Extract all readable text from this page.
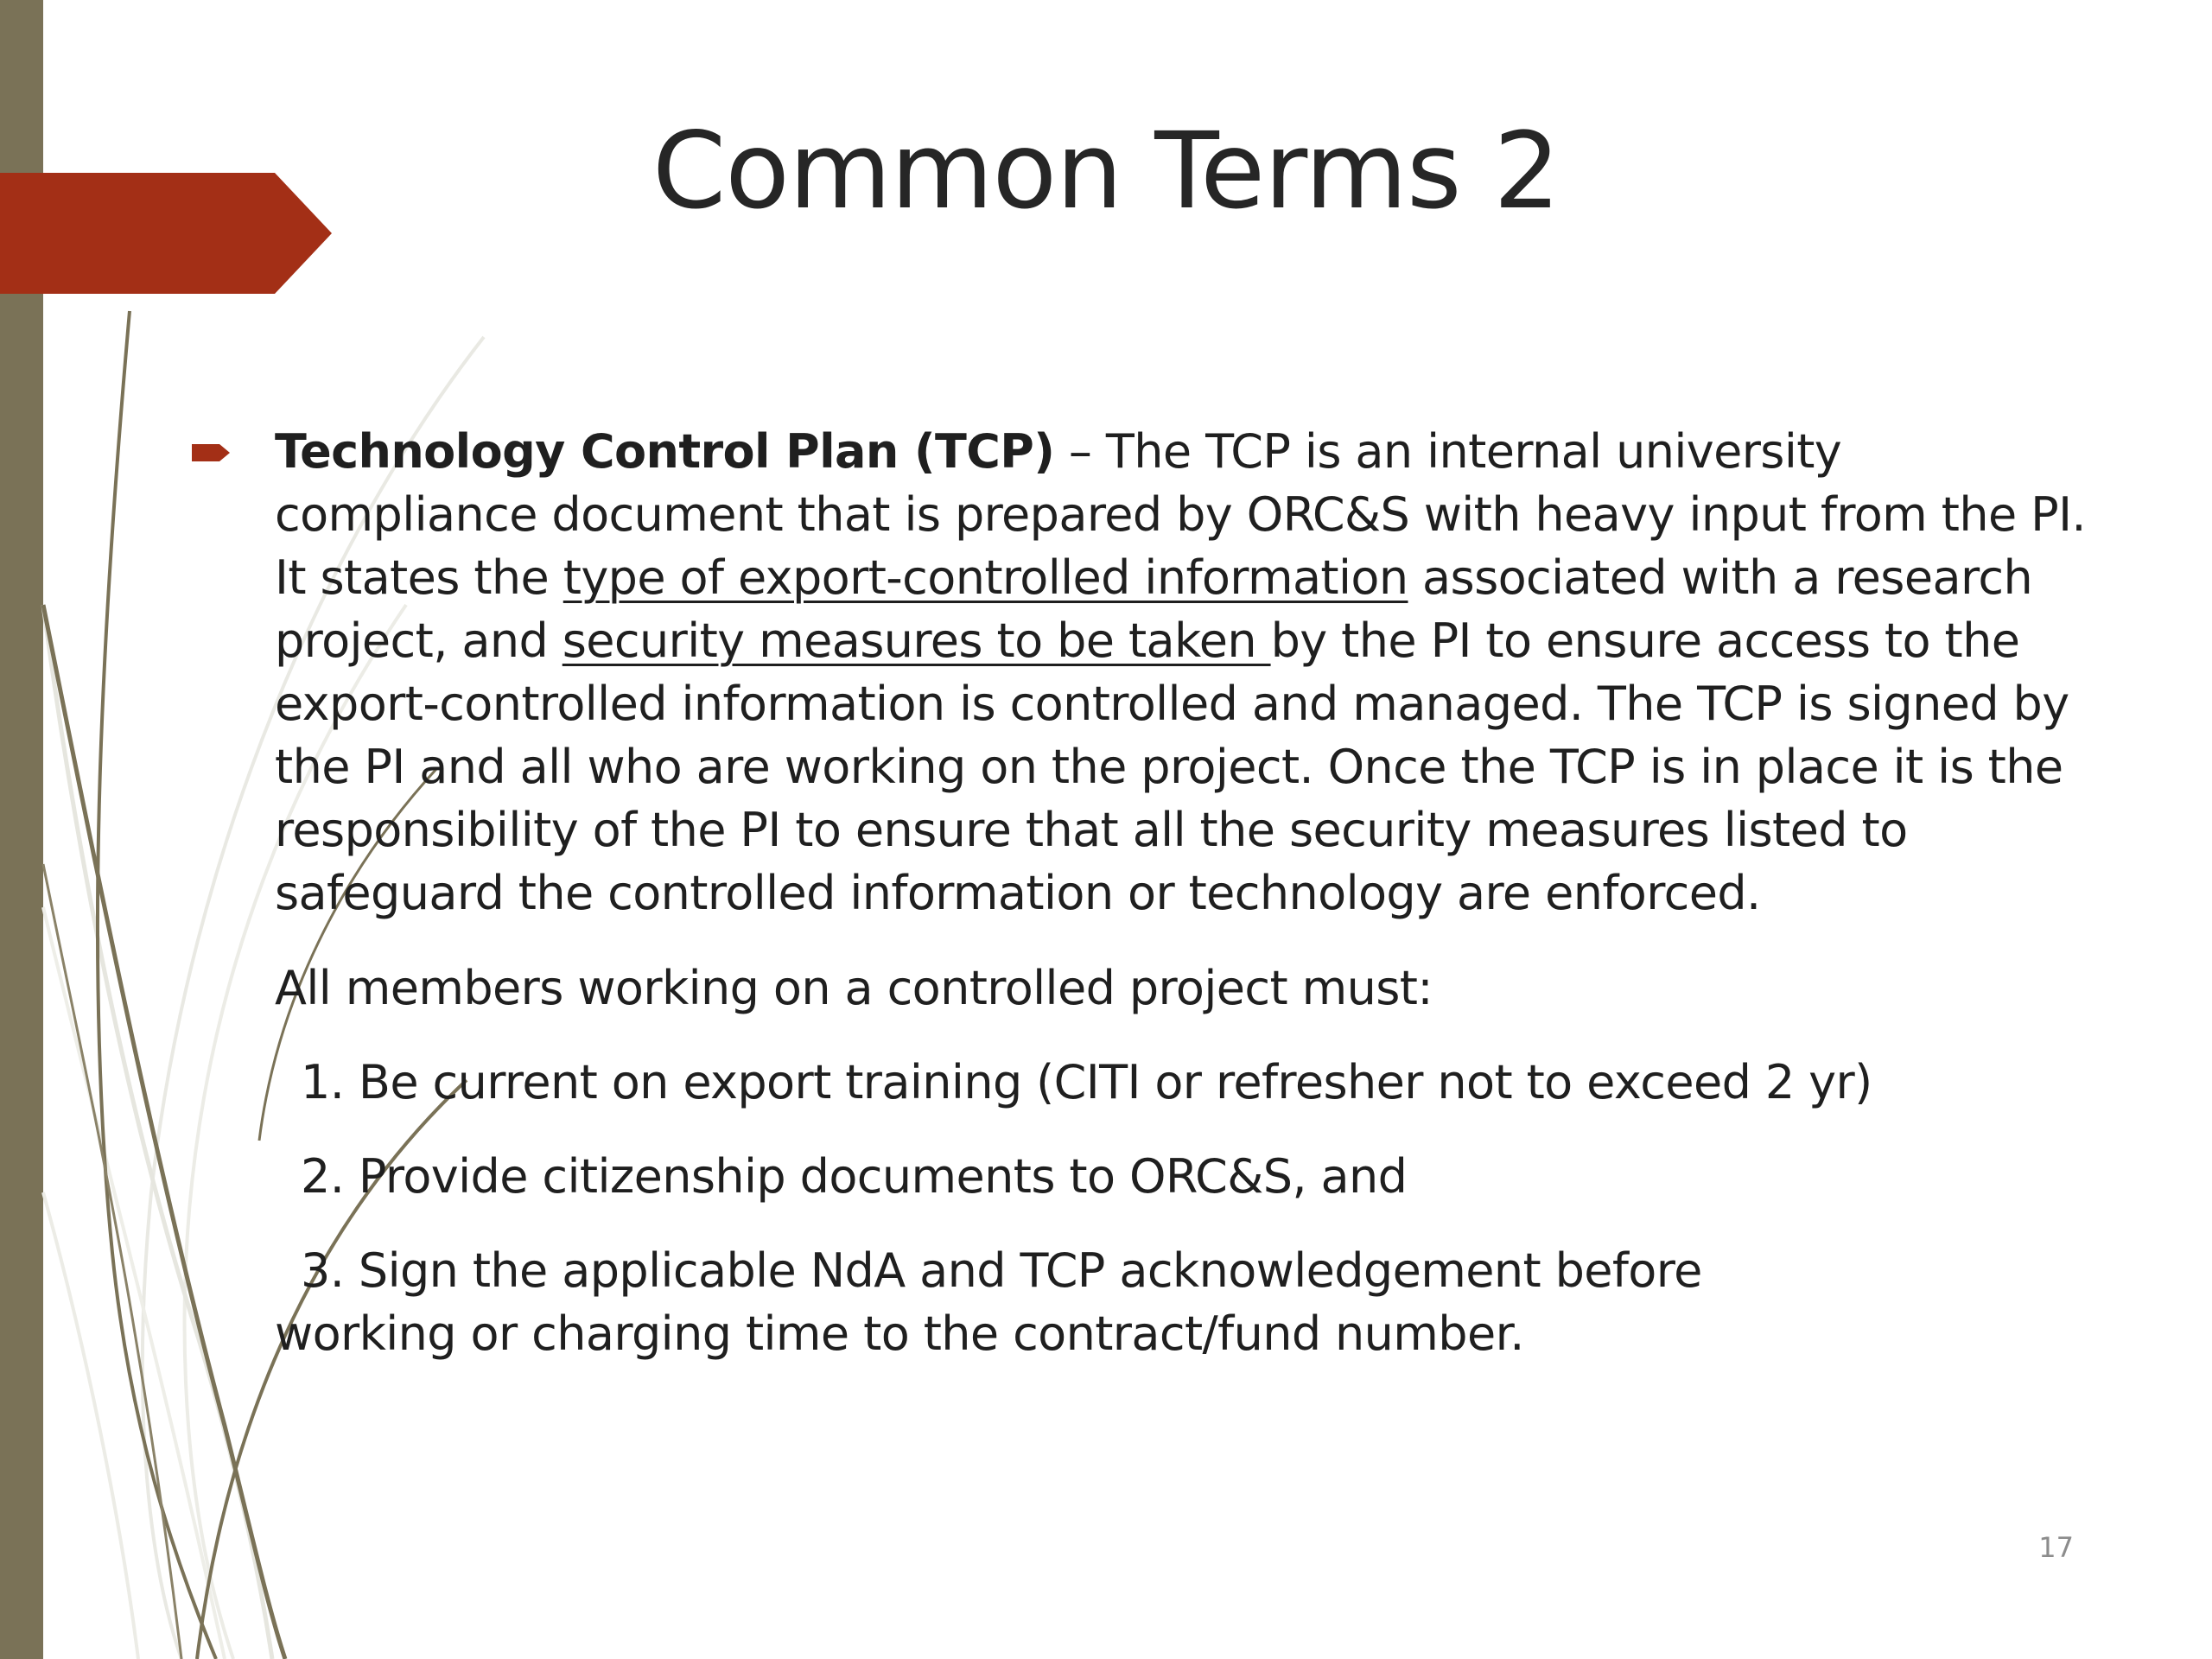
Common Terms 2

Technology Control Plan (TCP) – The TCP is an internal university compliance document that is prepared by ORC&S with heavy input from the PI. It states the type of export-controlled information associated with a research project, and security measures to be taken by the PI to ensure access to the export-controlled information is controlled and managed. The TCP is signed by the PI and all who are working on the project. Once the TCP is in place it is the responsibility of the PI to ensure that all the security measures listed to safeguard the controlled information or technology are enforced.

All members working on a controlled project must:

1. Be current on export training (CITI or refresher not to exceed 2 yr)

2. Provide citizenship documents to ORC&S, and

3. Sign the applicable NdA and TCP acknowledgement before

working or charging time to the contract/fund number.

17
